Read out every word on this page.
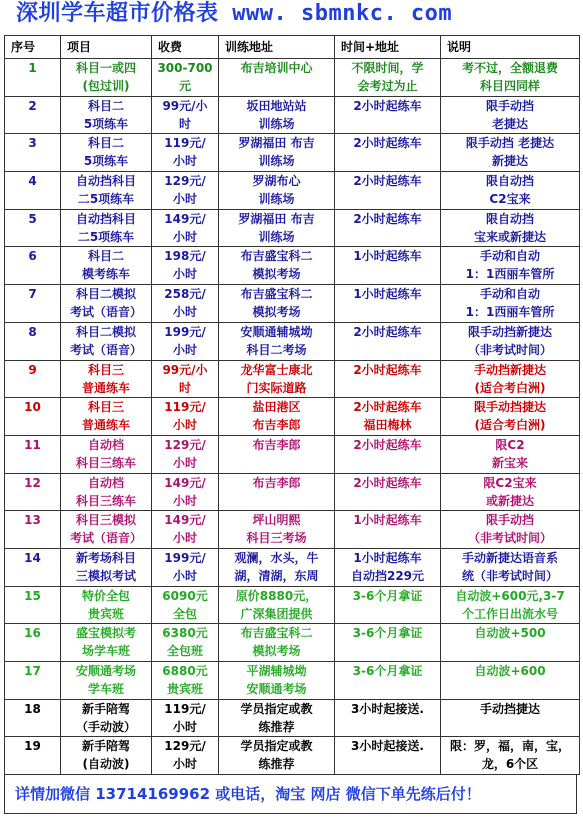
深圳学车超市价格表 www. sbmnkc. com
序号	项目	收费	训练地址	时间+地址	说明
1	科目一或四
(包过训)	300-700
元	布吉培训中心	不限时间，学
会考过为止	考不过，全额退费
科目四同样
2	科目二
5项练车	99元/小
时	坂田地站站
训练场	2小时起练车	限手动挡
老捷达
3	科目二
5项练车	119元/
小时	罗湖福田 布吉
训练场	2小时起练车	限手动挡 老捷达
新捷达
4	自动挡科目
二5项练车	129元/
小时	罗湖布心
训练场	2小时起练车	限自动挡
C2宝来
5	自动挡科目
二5项练车	149元/
小时	罗湖福田 布吉
训练场	2小时起练车	限自动挡
宝来或新捷达
6	科目二
模考练车	198元/
小时	布吉盛宝科二
模拟考场	1小时起练车	手动和自动
1：1西丽车管所
7	科目二模拟
考试（语音）	258元/
小时	布吉盛宝科二
模拟考场	1小时起练车	手动和自动
1：1西丽车管所
8	科目二模拟
考试（语音）	199元/
小时	安顺通辅城坳
科目二考场	2小时起练车	限手动挡新捷达
（非考试时间）
9	科目三
普通练车	99元/小
时	龙华富士康北
门实际道路	2小时起练车	手动挡新捷达
(适合考白洲)
10	科目三
普通练车	119元/
小时	盐田港区
布吉李郎	2小时起练车
福田梅林	限手动挡捷达
(适合考白洲)
11	自动档
科目三练车	129元/
小时	布吉李郎	2小时起练车	限C2
新宝来
12	自动档
科目三练车	149元/
小时	布吉李郎	2小时起练车	限C2宝来
或新捷达
13	科目三模拟
考试（语音）	149元/
小时	坪山明熙
科目三考场	1小时起练车	限手动挡
（非考试时间）
14	新考场科目
三模拟考试	199元/
小时	观澜，水头，牛
湖，清湖，东周	1小时起练车
自动挡229元	手动新捷达语音系
统（非考试时间）
15	特价全包
贵宾班	6090元
全包	原价8880元，
广深集团提供	3-6个月拿证	自动波+600元,3-7
个工作日出流水号
16	盛宝模拟考
场学车班	6380元
全包班	布吉盛宝科二
模拟考场	3-6个月拿证	自动波+500
17	安顺通考场
学车班	6880元
贵宾班	平湖辅城坳
安顺通考场	3-6个月拿证	自动波+600
18	新手陪驾
（手动波）	119元/
小时	学员指定或教
练推荐	3小时起接送.	手动挡捷达
19	新手陪驾
(自动波)	129元/
小时	学员指定或教
练推荐	3小时起接送.	限：罗，福，南，宝，
龙，6个区
详情加微信 13714169962 或电话，淘宝 网店 微信下单先练后付！
